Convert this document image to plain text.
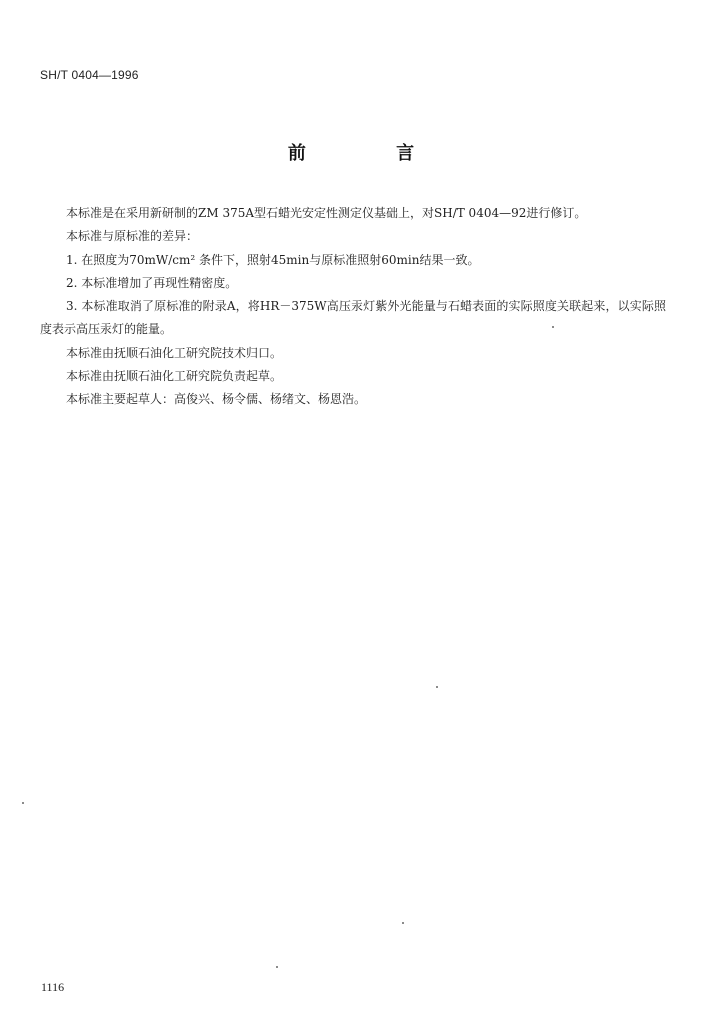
SH/T 0404—1996
前 言

本标准是在采用新研制的ZM 375A型石蜡光安定性测定仪基础上，对SH/T 0404—92进行修订。

本标准与原标准的差异：

1. 在照度为70mW/cm² 条件下，照射45min与原标准照射60min结果一致。

2. 本标准增加了再现性精密度。

3. 本标准取消了原标准的附录A，将HR－375W高压汞灯紫外光能量与石蜡表面的实际照度关联起来，以实际照度表示高压汞灯的能量。

本标准由抚顺石油化工研究院技术归口。

本标准由抚顺石油化工研究院负责起草。

本标准主要起草人：高俊兴、杨令儒、杨绪文、杨恩浩。

1116
